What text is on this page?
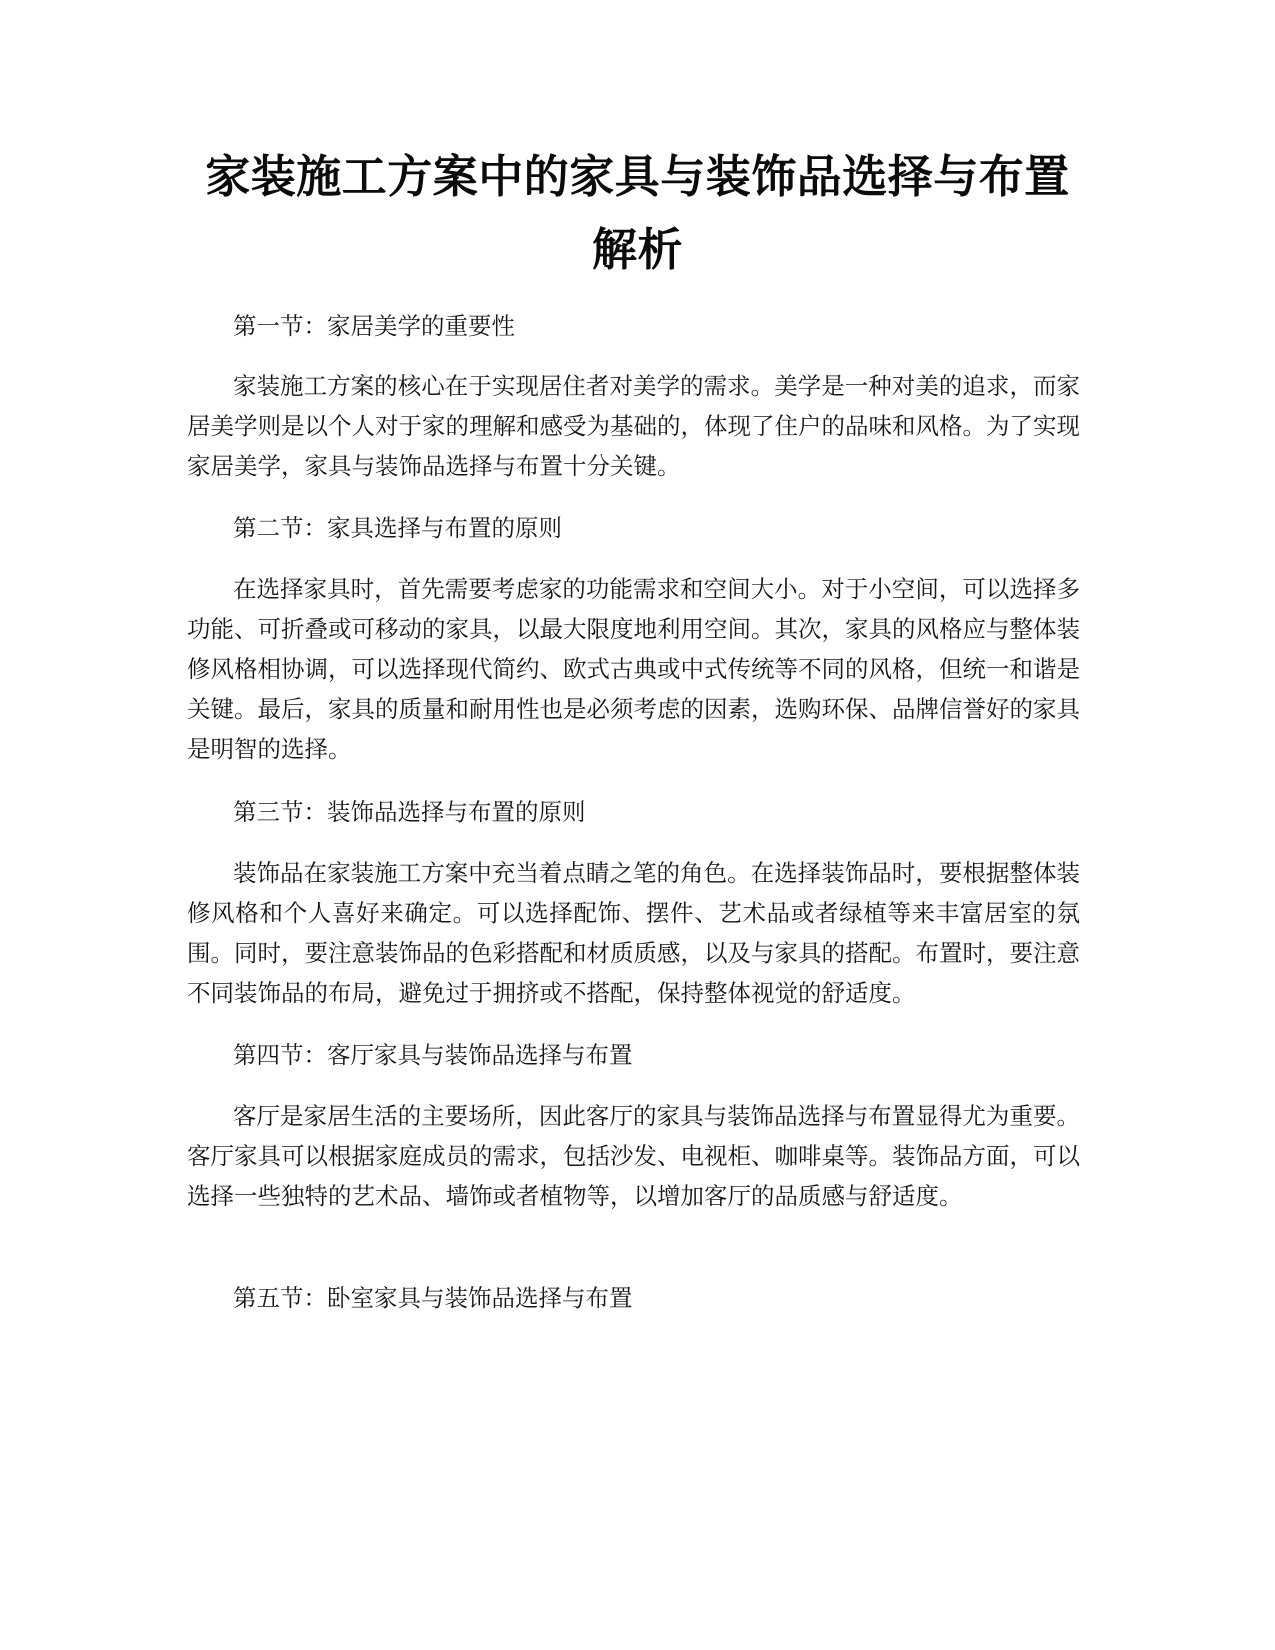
家装施工方案中的家具与装饰品选择与布置
解析

第一节：家居美学的重要性

家装施工方案的核心在于实现居住者对美学的需求。美学是一种对美的追求，而家居美学则是以个人对于家的理解和感受为基础的，体现了住户的品味和风格。为了实现家居美学，家具与装饰品选择与布置十分关键。

第二节：家具选择与布置的原则

在选择家具时，首先需要考虑家的功能需求和空间大小。对于小空间，可以选择多功能、可折叠或可移动的家具，以最大限度地利用空间。其次，家具的风格应与整体装修风格相协调，可以选择现代简约、欧式古典或中式传统等不同的风格，但统一和谐是关键。最后，家具的质量和耐用性也是必须考虑的因素，选购环保、品牌信誉好的家具是明智的选择。

第三节：装饰品选择与布置的原则

装饰品在家装施工方案中充当着点睛之笔的角色。在选择装饰品时，要根据整体装修风格和个人喜好来确定。可以选择配饰、摆件、艺术品或者绿植等来丰富居室的氛围。同时，要注意装饰品的色彩搭配和材质质感，以及与家具的搭配。布置时，要注意不同装饰品的布局，避免过于拥挤或不搭配，保持整体视觉的舒适度。

第四节：客厅家具与装饰品选择与布置

客厅是家居生活的主要场所，因此客厅的家具与装饰品选择与布置显得尤为重要。客厅家具可以根据家庭成员的需求，包括沙发、电视柜、咖啡桌等。装饰品方面，可以选择一些独特的艺术品、墙饰或者植物等，以增加客厅的品质感与舒适度。

第五节：卧室家具与装饰品选择与布置
